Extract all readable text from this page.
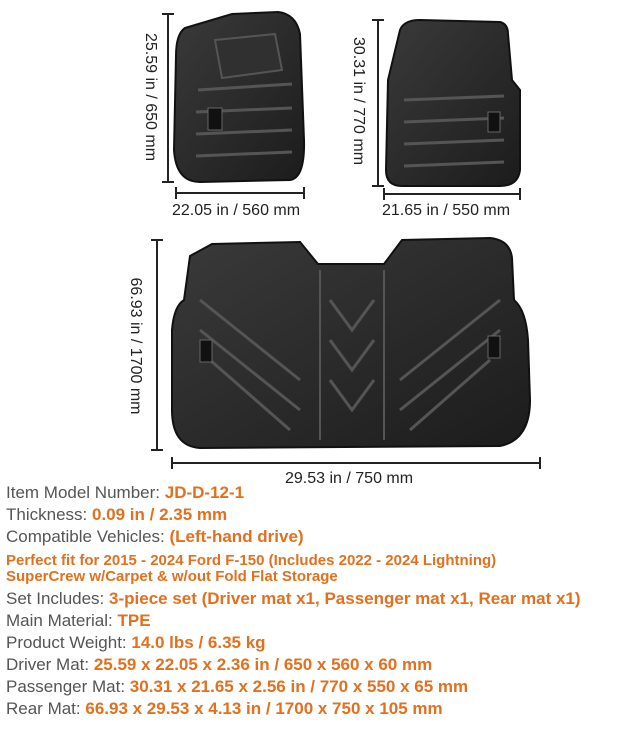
25.59 in / 650 mm
22.05 in / 560 mm
30.31 in / 770 mm
21.65 in / 550 mm
66.93 in / 1700 mm
29.53 in / 750 mm
Item Model Number: JD-D-12-1
Thickness: 0.09 in / 2.35 mm
Compatible Vehicles: (Left-hand drive)
Perfect fit for 2015 - 2024 Ford F-150 (Includes 2022 - 2024 Lightning)
SuperCrew w/Carpet & w/out Fold Flat Storage
Set Includes: 3-piece set (Driver mat x1, Passenger mat x1, Rear mat x1)
Main Material: TPE
Product Weight: 14.0 lbs / 6.35 kg
Driver Mat: 25.59 x 22.05 x 2.36 in / 650 x 560 x 60 mm
Passenger Mat: 30.31 x 21.65 x 2.56 in / 770 x 550 x 65 mm
Rear Mat: 66.93 x 29.53 x 4.13 in / 1700 x 750 x 105 mm
